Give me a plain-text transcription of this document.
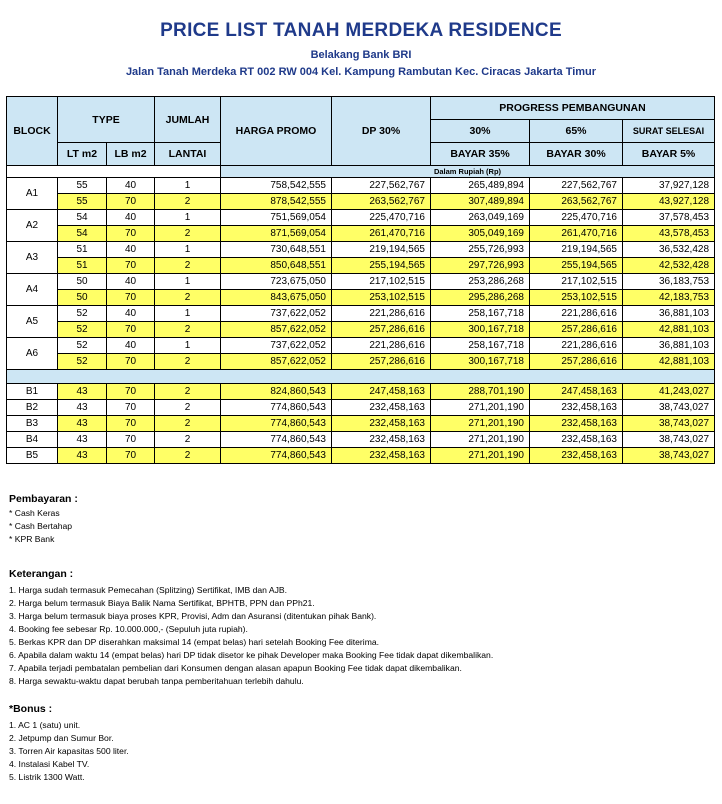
PRICE LIST TANAH MERDEKA RESIDENCE
Belakang Bank BRI
Jalan Tanah Merdeka RT 002 RW 004 Kel. Kampung Rambutan Kec. Ciracas Jakarta Timur
BLOCK	TYPE		JUMLAH	HARGA PROMO	DP 30%	PROGRESS PEMBANGUNAN		
						30%	65%	SURAT SELESAI
	LT m2	LB m2	LANTAI			BAYAR 35%	BAYAR 30%	BAYAR 5%
				Dalam Rupiah (Rp)				
A1	55	40	1	758,542,555	227,562,767	265,489,894	227,562,767	37,927,128
	55	70	2	878,542,555	263,562,767	307,489,894	263,562,767	43,927,128
A2	54	40	1	751,569,054	225,470,716	263,049,169	225,470,716	37,578,453
	54	70	2	871,569,054	261,470,716	305,049,169	261,470,716	43,578,453
A3	51	40	1	730,648,551	219,194,565	255,726,993	219,194,565	36,532,428
	51	70	2	850,648,551	255,194,565	297,726,993	255,194,565	42,532,428
A4	50	40	1	723,675,050	217,102,515	253,286,268	217,102,515	36,183,753
	50	70	2	843,675,050	253,102,515	295,286,268	253,102,515	42,183,753
A5	52	40	1	737,622,052	221,286,616	258,167,718	221,286,616	36,881,103
	52	70	2	857,622,052	257,286,616	300,167,718	257,286,616	42,881,103
A6	52	40	1	737,622,052	221,286,616	258,167,718	221,286,616	36,881,103
	52	70	2	857,622,052	257,286,616	300,167,718	257,286,616	42,881,103

B1	43	70	2	824,860,543	247,458,163	288,701,190	247,458,163	41,243,027
B2	43	70	2	774,860,543	232,458,163	271,201,190	232,458,163	38,743,027
B3	43	70	2	774,860,543	232,458,163	271,201,190	232,458,163	38,743,027
B4	43	70	2	774,860,543	232,458,163	271,201,190	232,458,163	38,743,027
B5	43	70	2	774,860,543	232,458,163	271,201,190	232,458,163	38,743,027
Pembayaran :
* Cash Keras
* Cash Bertahap
* KPR Bank
Keterangan :
1. Harga sudah termasuk Pemecahan (Splitzing) Sertifikat, IMB dan AJB.
2. Harga belum termasuk Biaya Balik Nama Sertifikat, BPHTB, PPN dan PPh21.
3. Harga belum termasuk biaya proses KPR, Provisi, Adm dan Asuransi (ditentukan pihak Bank).
4. Booking fee sebesar Rp. 10.000.000,- (Sepuluh juta rupiah).
5. Berkas KPR dan DP diserahkan maksimal 14 (empat belas) hari setelah Booking Fee diterima.
6. Apabila dalam waktu 14 (empat belas) hari DP tidak disetor ke pihak Developer maka Booking Fee tidak dapat dikembalikan.
7. Apabila terjadi pembatalan pembelian dari Konsumen dengan alasan apapun Booking Fee tidak dapat dikembalikan.
8. Harga sewaktu-waktu dapat berubah tanpa pemberitahuan terlebih dahulu.
*Bonus :
1. AC 1 (satu) unit.
2. Jetpump dan Sumur Bor.
3. Torren Air kapasitas 500 liter.
4. Instalasi Kabel TV.
5. Listrik 1300 Watt.
